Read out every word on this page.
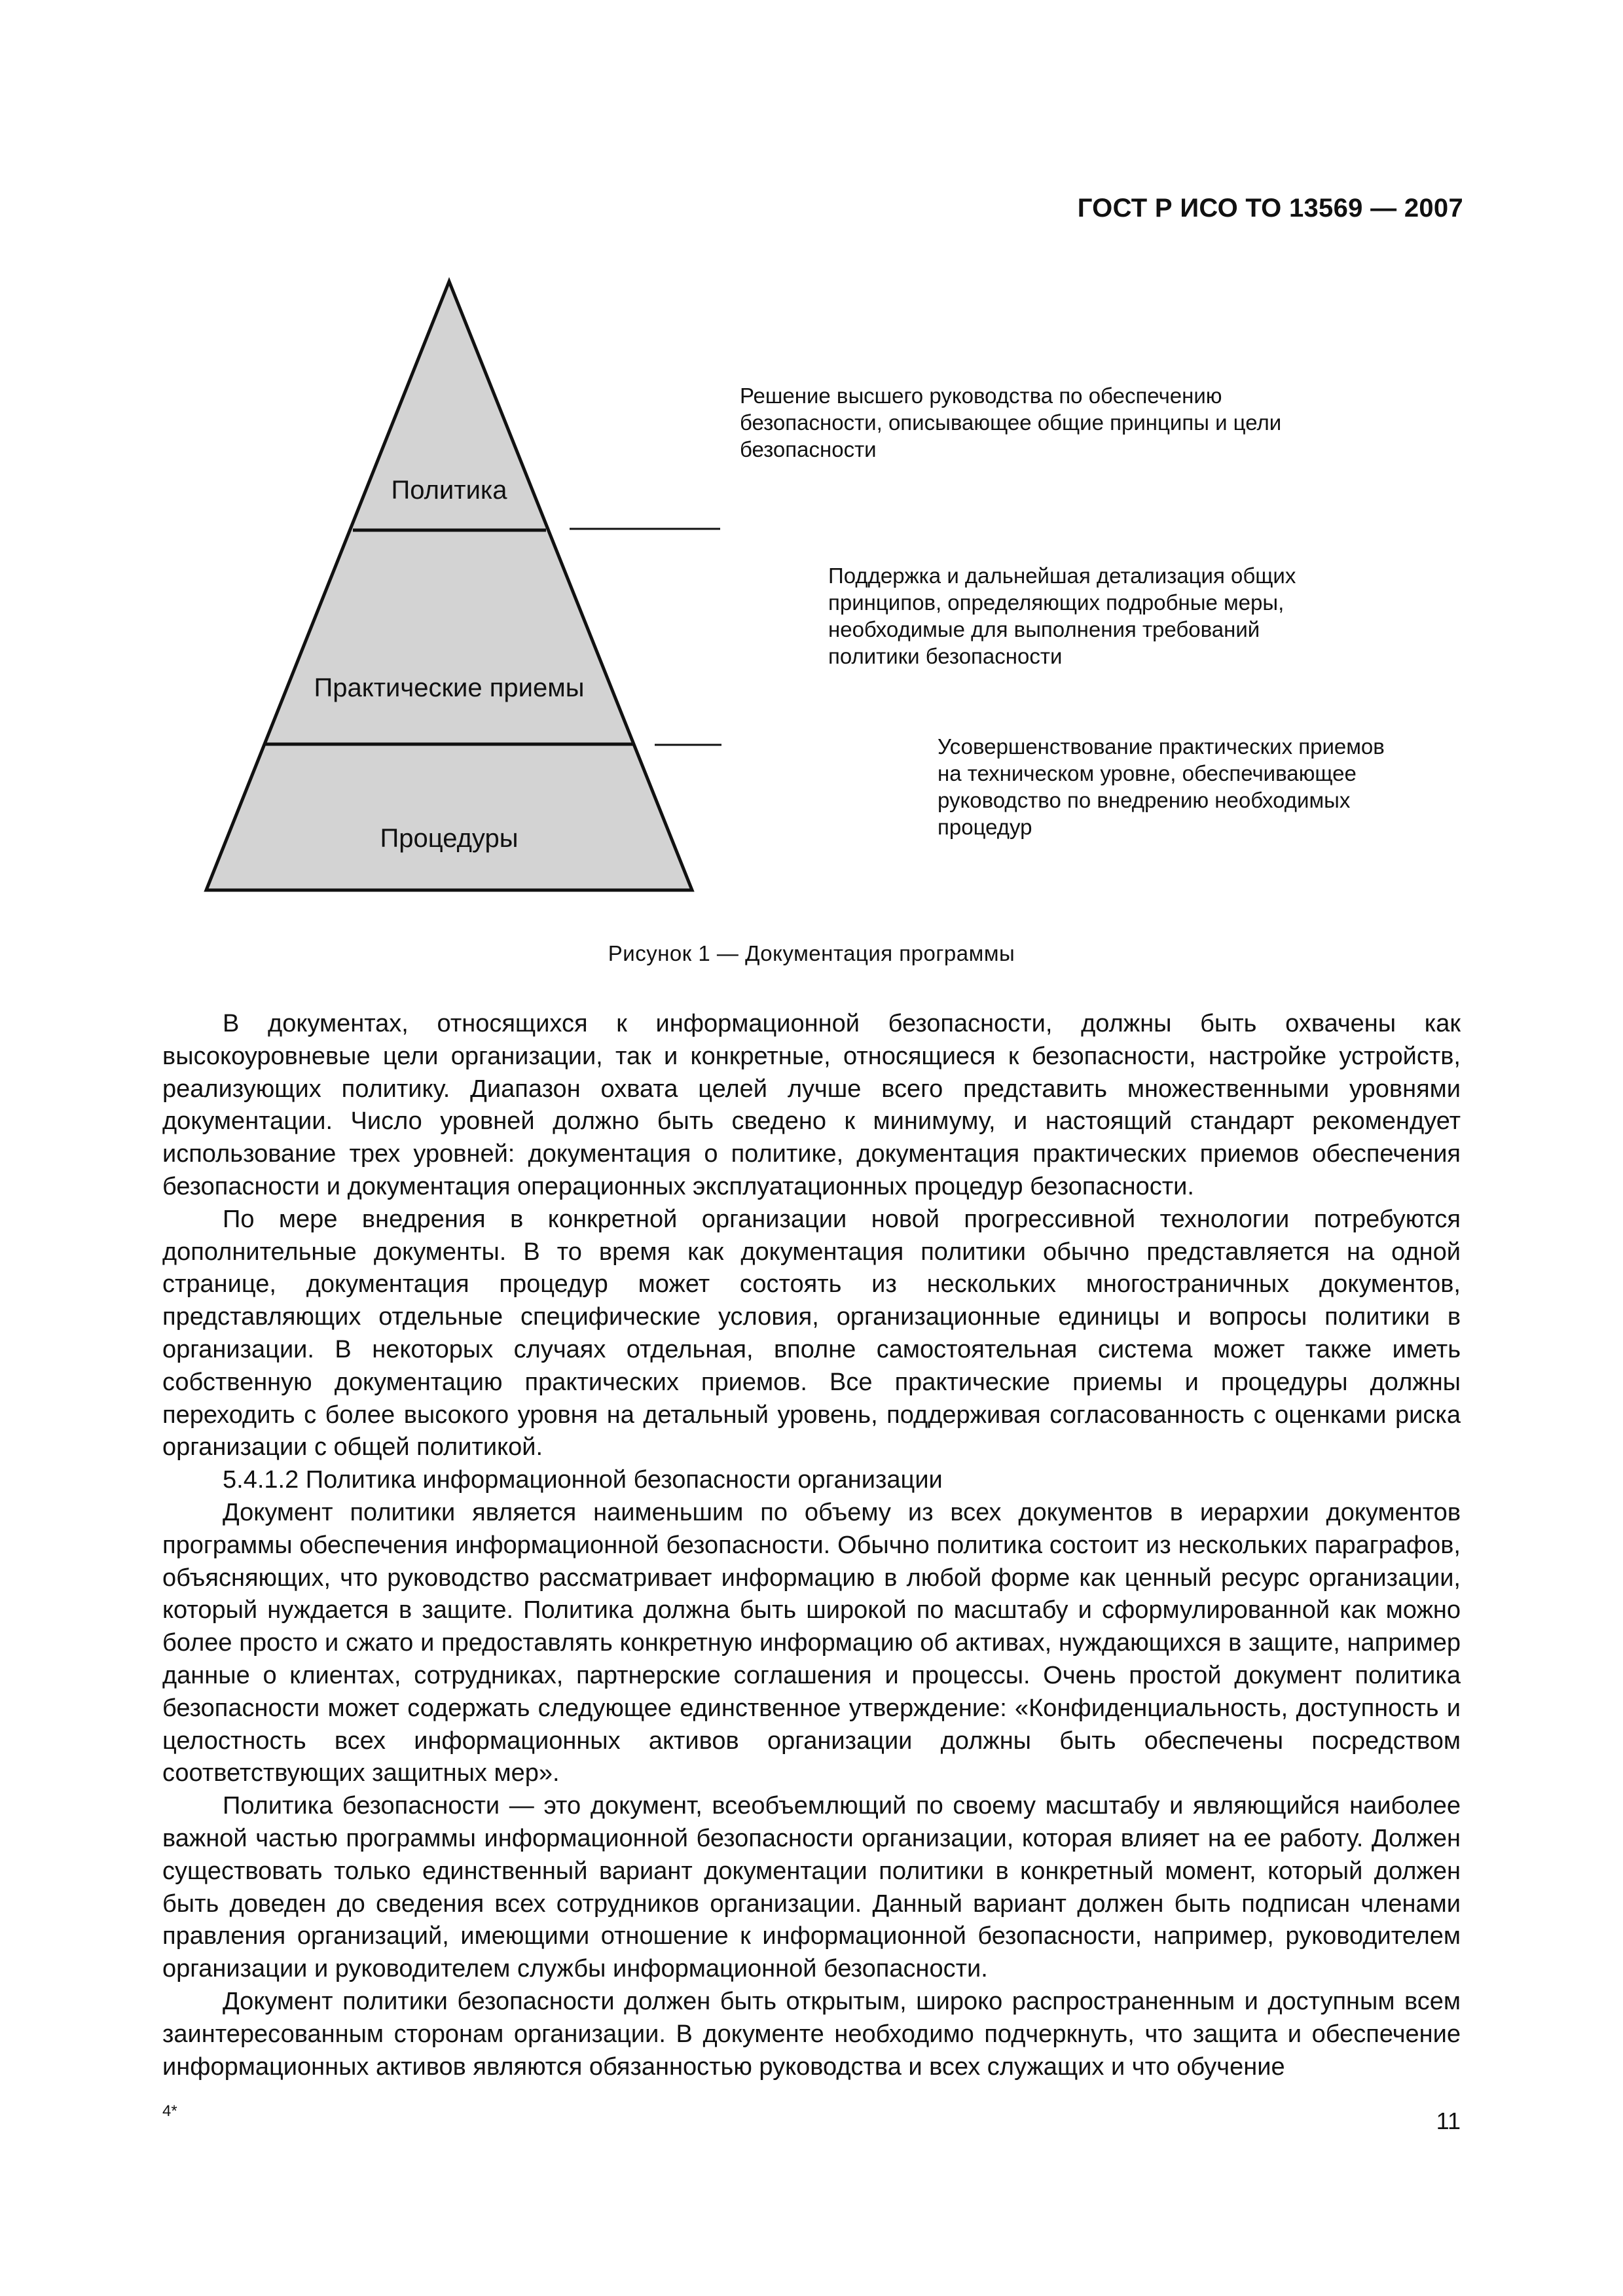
ГОСТ Р ИСО ТО 13569 — 2007
Политика
Практические приемы
Процедуры
Решение высшего руководства по обеспечению
безопасности, описывающее общие принципы и цели
безопасности
Поддержка и дальнейшая детализация общих
принципов, определяющих подробные меры,
необходимые для выполнения требований
политики безопасности
Усовершенствование практических приемов
на техническом уровне, обеспечивающее
руководство по внедрению необходимых
процедур
Рисунок 1 — Документация программы

В документах, относящихся к информационной безопасности, должны быть охвачены как высокоуровневые цели организации, так и конкретные, относящиеся к безопасности, настройке устройств, реализующих политику. Диапазон охвата целей лучше всего представить множественными уровнями документации. Число уровней должно быть сведено к минимуму, и настоящий стандарт рекомендует использование трех уровней: документация о политике, документация практических приемов обеспечения безопасности и документация операционных эксплуатационных процедур безопасности.

По мере внедрения в конкретной организации новой прогрессивной технологии потребуются дополнительные документы. В то время как документация политики обычно представляется на одной странице, документация процедур может состоять из нескольких многостраничных документов, представляющих отдельные специфические условия, организационные единицы и вопросы политики в организации. В некоторых случаях отдельная, вполне самостоятельная система может также иметь собственную документацию практических приемов. Все практические приемы и процедуры должны переходить с более высокого уровня на детальный уровень, поддерживая согласованность с оценками риска организации с общей политикой.

5.4.1.2 Политика информационной безопасности организации

Документ политики является наименьшим по объему из всех документов в иерархии документов программы обеспечения информационной безопасности. Обычно политика состоит из нескольких параграфов, объясняющих, что руководство рассматривает информацию в любой форме как ценный ресурс организации, который нуждается в защите. Политика должна быть широкой по масштабу и сформулированной как можно более просто и сжато и предоставлять конкретную информацию об активах, нуждающихся в защите, например данные о клиентах, сотрудниках, партнерские соглашения и процессы. Очень простой документ политика безопасности может содержать следующее единственное утверждение: «Конфиденциальность, доступность и целостность всех информационных активов организации должны быть обеспечены посредством соответствующих защитных мер».

Политика безопасности — это документ, всеобъемлющий по своему масштабу и являющийся наиболее важной частью программы информационной безопасности организации, которая влияет на ее работу. Должен существовать только единственный вариант документации политики в конкретный момент, который должен быть доведен до сведения всех сотрудников организации. Данный вариант должен быть подписан членами правления организаций, имеющими отношение к информационной безопасности, например, руководителем организации и руководителем службы информационной безопасности.

Документ политики безопасности должен быть открытым, широко распространенным и доступным всем заинтересованным сторонам организации. В документе необходимо подчеркнуть, что защита и обеспечение информационных активов являются обязанностью руководства и всех служащих и что обучение

4*	11
